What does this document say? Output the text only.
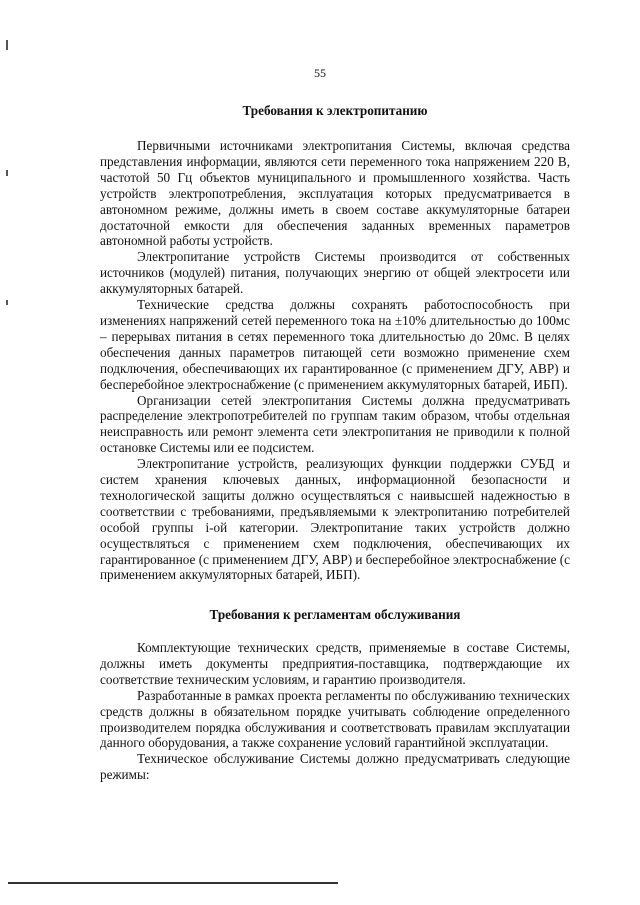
55
Требования к электропитанию

Первичными источниками электропитания Системы, включая средства представления информации, являются сети переменного тока напряжением 220 В, частотой 50 Гц объектов муниципального и промышленного хозяйства. Часть устройств электропотребления, эксплуатация которых предусматривается в автономном режиме, должны иметь в своем составе аккумуляторные батареи достаточной емкости для обеспечения заданных временных параметров автономной работы устройств.

Электропитание устройств Системы производится от собственных источников (модулей) питания, получающих энергию от общей электросети или аккумуляторных батарей.

Технические средства должны сохранять работоспособность при изменениях напряжений сетей переменного тока на ±10% длительностью до 100мс – перерывах питания в сетях переменного тока длительностью до 20мс. В целях обеспечения данных параметров питающей сети возможно применение схем подключения, обеспечивающих их гарантированное (с применением ДГУ, АВР) и бесперебойное электроснабжение (с применением аккумуляторных батарей, ИБП).

Организации сетей электропитания Системы должна предусматривать распределение электропотребителей по группам таким образом, чтобы отдельная неисправность или ремонт элемента сети электропитания не приводили к полной остановке Системы или ее подсистем.

Электропитание устройств, реализующих функции поддержки СУБД и систем хранения ключевых данных, информационной безопасности и технологической защиты должно осуществляться с наивысшей надежностью в соответствии с требованиями, предъявляемыми к электропитанию потребителей особой группы i-ой категории. Электропитание таких устройств должно осуществляться с применением схем подключения, обеспечивающих их гарантированное (с применением ДГУ, АВР) и бесперебойное электроснабжение (с применением аккумуляторных батарей, ИБП).

Требования к регламентам обслуживания

Комплектующие технических средств, применяемые в составе Системы, должны иметь документы предприятия-поставщика, подтверждающие их соответствие техническим условиям, и гарантию производителя.

Разработанные в рамках проекта регламенты по обслуживанию технических средств должны в обязательном порядке учитывать соблюдение определенного производителем порядка обслуживания и соответствовать правилам эксплуатации данного оборудования, а также сохранение условий гарантийной эксплуатации.

Техническое обслуживание Системы должно предусматривать следующие режимы:
